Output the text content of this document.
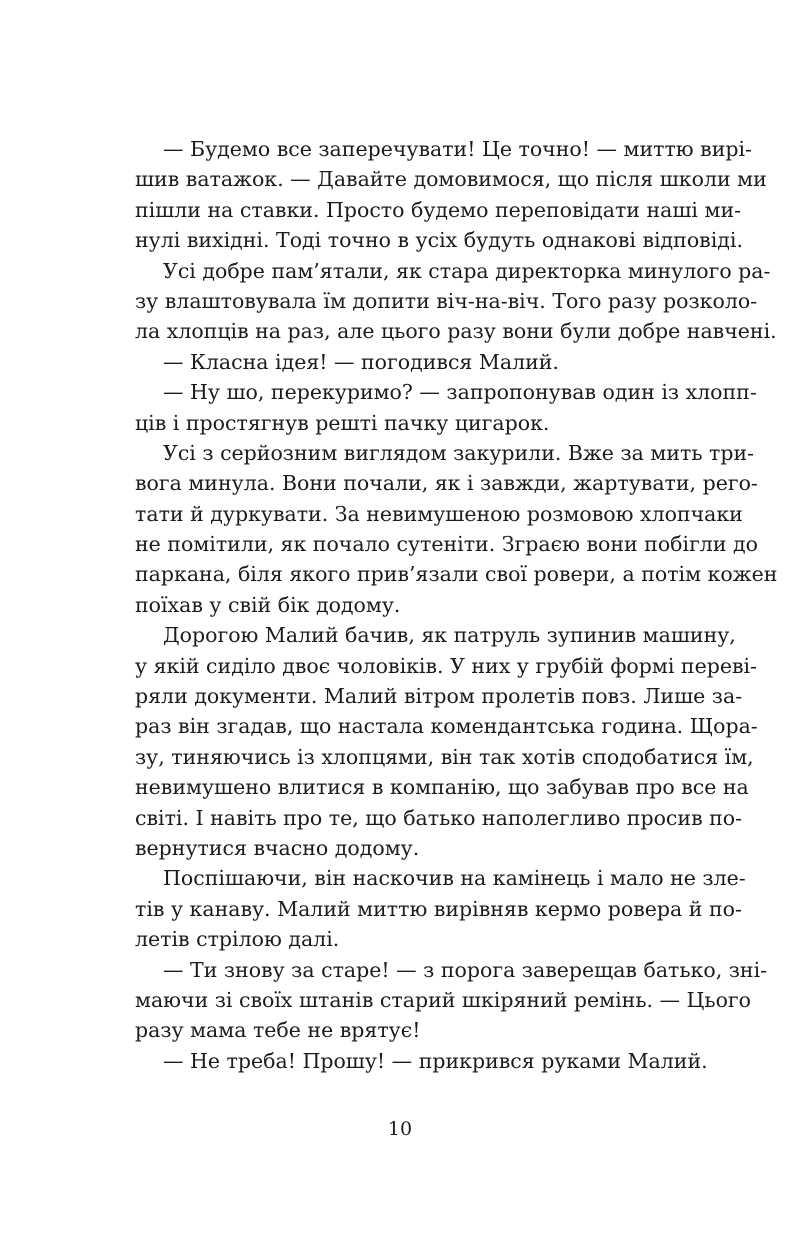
— Будемо все заперечувати! Це точно! — миттю вирі-
шив ватажок. — Давайте домовимося, що після школи ми
пішли на ставки. Просто будемо переповідати наші ми-
нулі вихідні. Тоді точно в усіх будуть однакові відповіді.
Усі добре пам’ятали, як стара директорка минулого ра-
зу влаштовувала їм допити віч-на-віч. Того разу розколо-
ла хлопців на раз, але цього разу вони були добре навчені.
— Класна ідея! — погодився Малий.
— Ну шо, перекуримо? — запропонував один із хлопп-
ців і простягнув решті пачку цигарок.
Усі з серйозним виглядом закурили. Вже за мить три-
вога минула. Вони почали, як і завжди, жартувати, рего-
тати й дуркувати. За невимушеною розмовою хлопчаки
не помітили, як почало сутеніти. Зграєю вони побігли до
паркана, біля якого прив’язали свої ровери, а потім кожен
поїхав у свій бік додому.
Дорогою Малий бачив, як патруль зупинив машину,
у якій сиділо двоє чоловіків. У них у грубій формі переві-
ряли документи. Малий вітром пролетів повз. Лише за-
раз він згадав, що настала комендантська година. Щора-
зу, тиняючись із хлопцями, він так хотів сподобатися їм,
невимушено влитися в компанію, що забував про все на
світі. І навіть про те, що батько наполегливо просив по-
вернутися вчасно додому.
Поспішаючи, він наскочив на камінець і мало не зле-
тів у канаву. Малий миттю вирівняв кермо ровера й по-
летів стрілою далі.
— Ти знову за старе! — з порога заверещав батько, зні-
маючи зі своїх штанів старий шкіряний ремінь. — Цього
разу мама тебе не врятує!
— Не треба! Прошу! — прикрився руками Малий.
10
